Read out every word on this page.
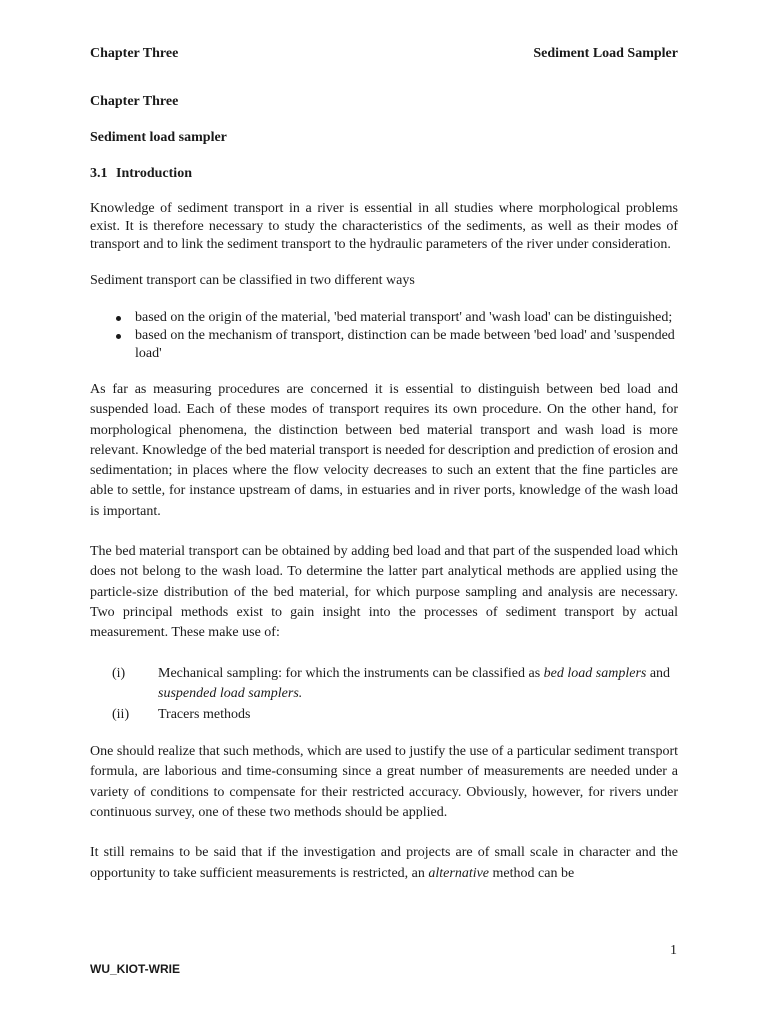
Chapter Three	Sediment Load Sampler

Chapter Three

Sediment load sampler

3.1 Introduction

Knowledge of sediment transport in a river is essential in all studies where morphological problems exist. It is therefore necessary to study the characteristics of the sediments, as well as their modes of transport and to link the sediment transport to the hydraulic parameters of the river under consideration.

Sediment transport can be classified in two different ways

based on the origin of the material, 'bed material transport' and 'wash load' can be distinguished;
based on the mechanism of transport, distinction can be made between 'bed load' and 'suspended load'

As far as measuring procedures are concerned it is essential to distinguish between bed load and suspended load. Each of these modes of transport requires its own procedure. On the other hand, for morphological phenomena, the distinction between bed material transport and wash load is more relevant. Knowledge of the bed material transport is needed for description and prediction of erosion and sedimentation; in places where the flow velocity decreases to such an extent that the fine particles are able to settle, for instance upstream of dams, in estuaries and in river ports, knowledge of the wash load is important.

The bed material transport can be obtained by adding bed load and that part of the suspended load which does not belong to the wash load. To determine the latter part analytical methods are applied using the particle-size distribution of the bed material, for which purpose sampling and analysis are necessary. Two principal methods exist to gain insight into the processes of sediment transport by actual measurement. These make use of:

(i) Mechanical sampling: for which the instruments can be classified as bed load samplers and suspended load samplers.
(ii) Tracers methods

One should realize that such methods, which are used to justify the use of a particular sediment transport formula, are laborious and time-consuming since a great number of measurements are needed under a variety of conditions to compensate for their restricted accuracy. Obviously, however, for rivers under continuous survey, one of these two methods should be applied.

It still remains to be said that if the investigation and projects are of small scale in character and the opportunity to take sufficient measurements is restricted, an alternative method can be

1
WU_KIOT-WRIE
